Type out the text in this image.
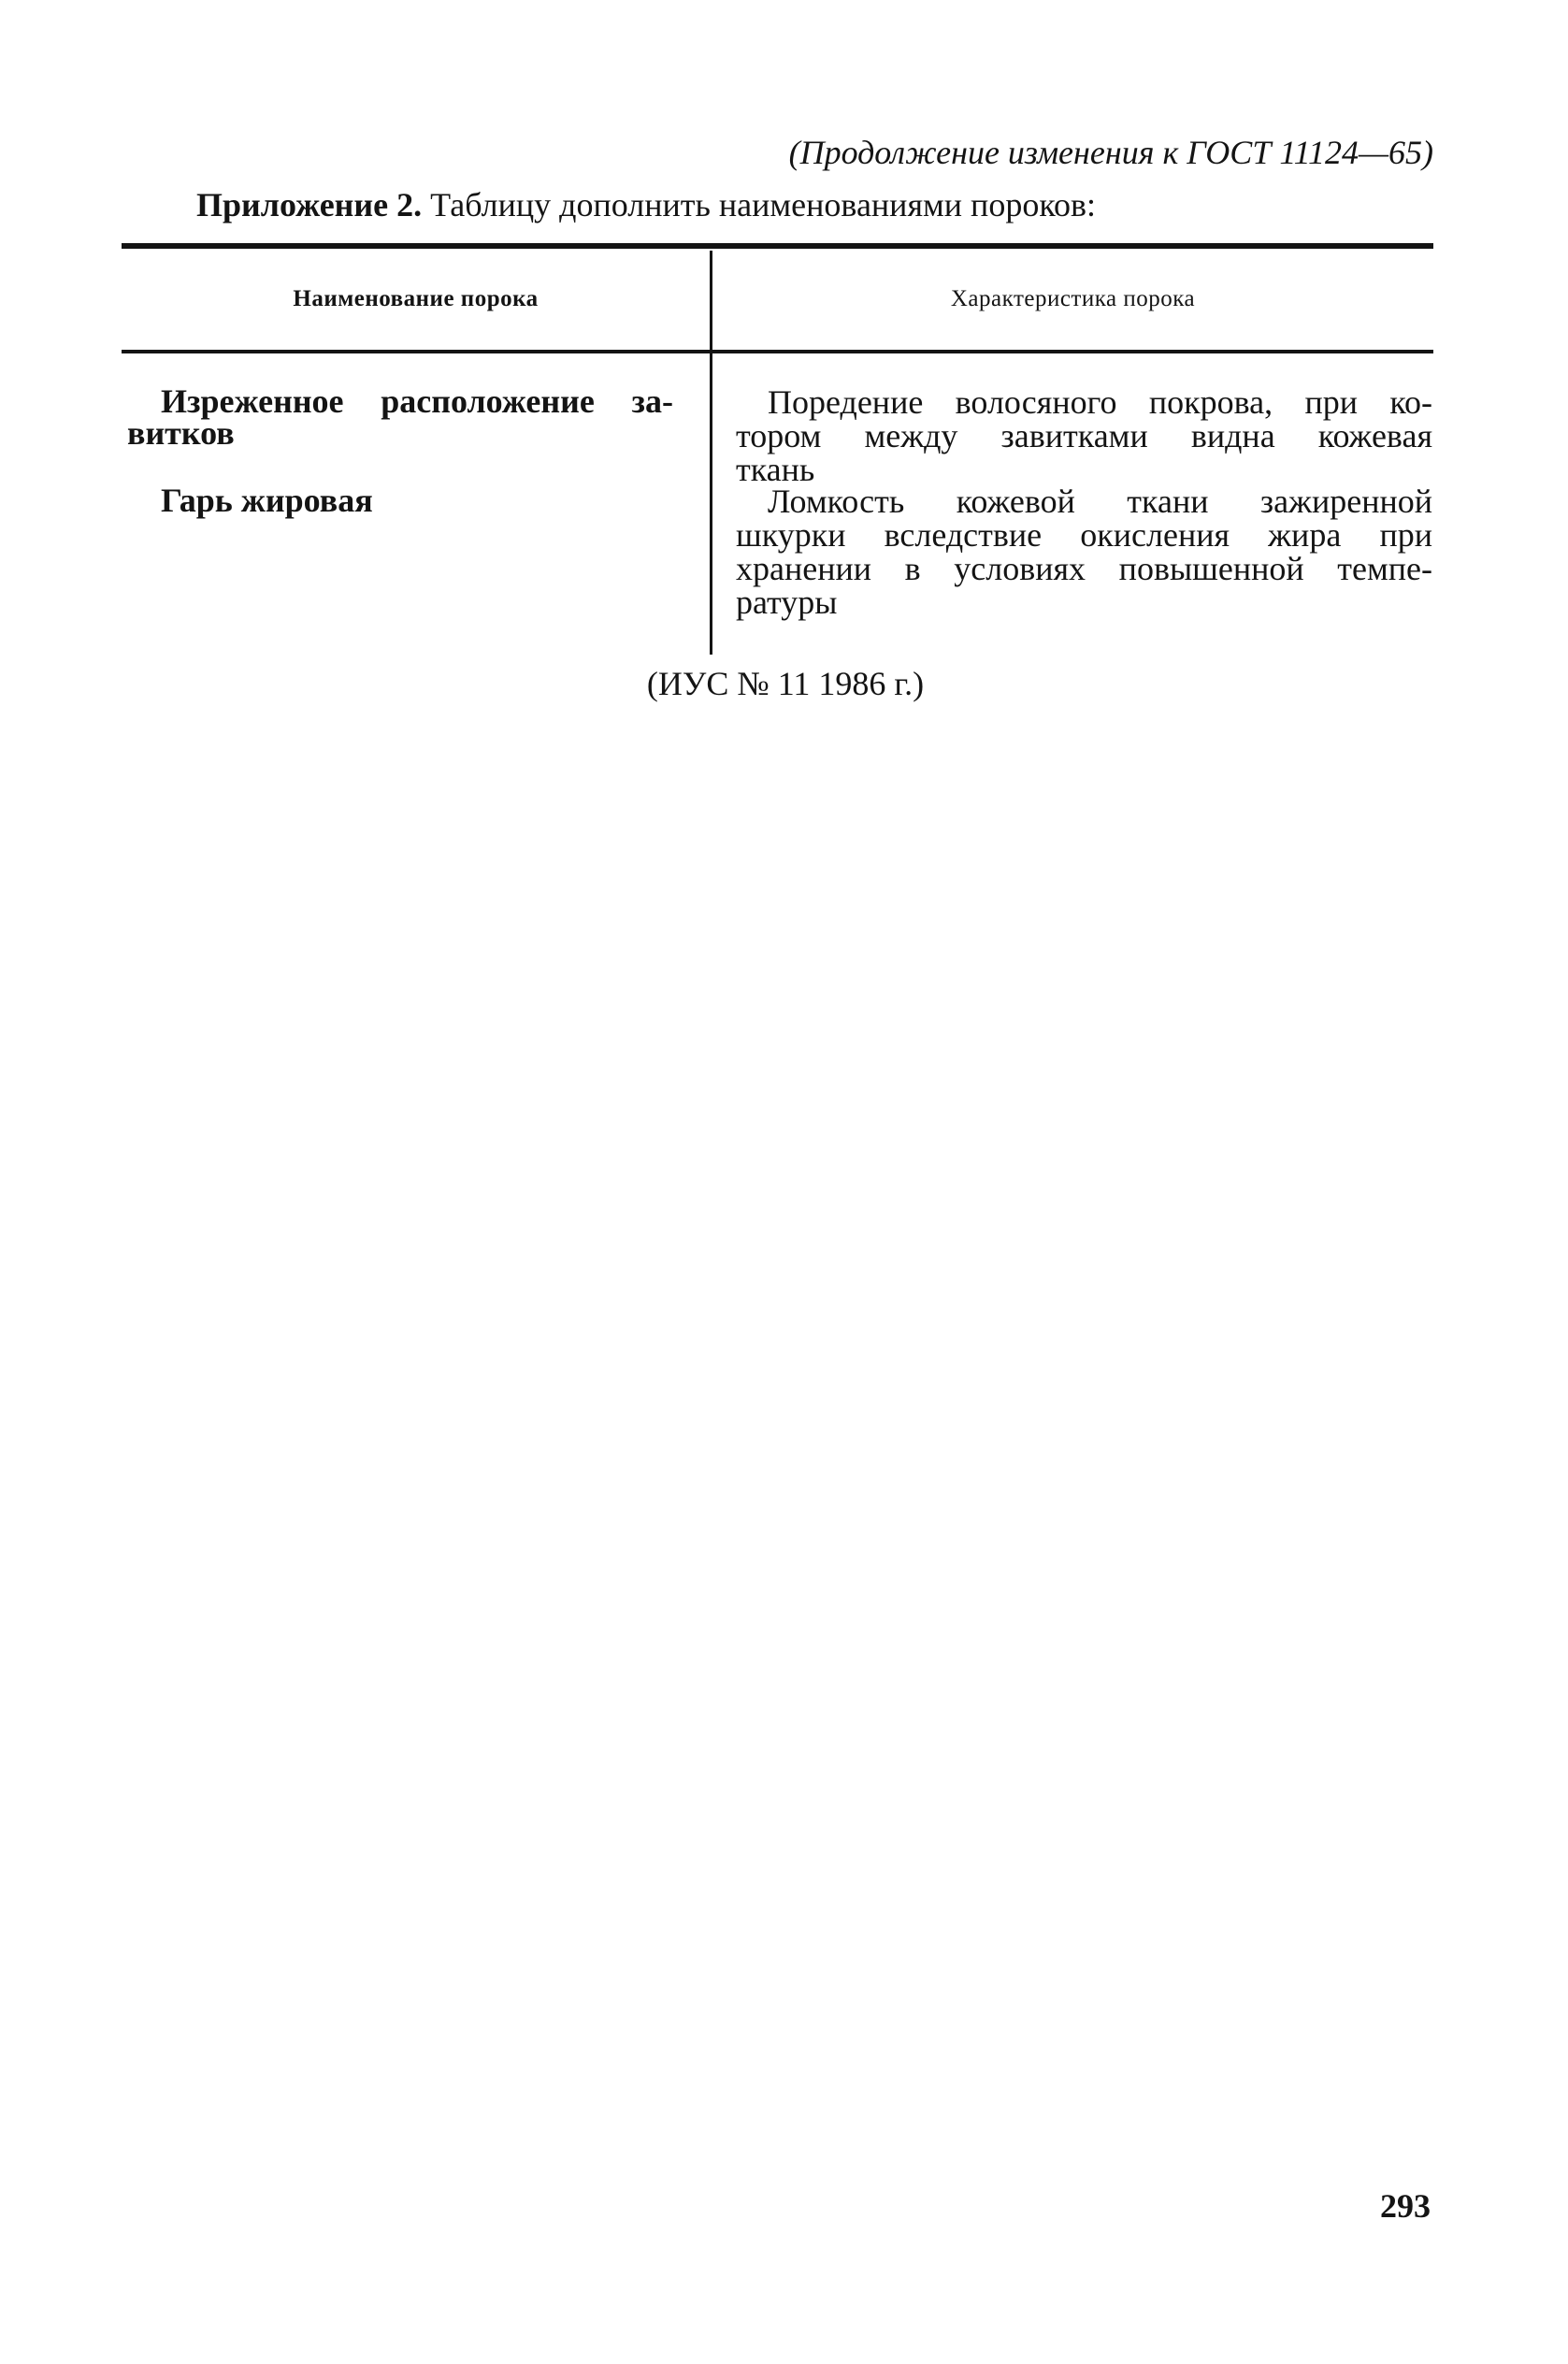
(Продолжение изменения к ГОСТ 11124—65)
Приложение 2. Таблицу дополнить наименованиями пороков:
Наименование порока	Характеристика порока
Изреженное расположение за-
витков
Поредение волосяного покрова, при ко-
тором между завитками видна кожевая
ткань
Гарь жировая	Ломкость кожевой ткани зажиренной
шкурки вследствие окисления жира при
хранении в условиях повышенной темпе-
ратуры
(ИУС № 11 1986 г.)
293
